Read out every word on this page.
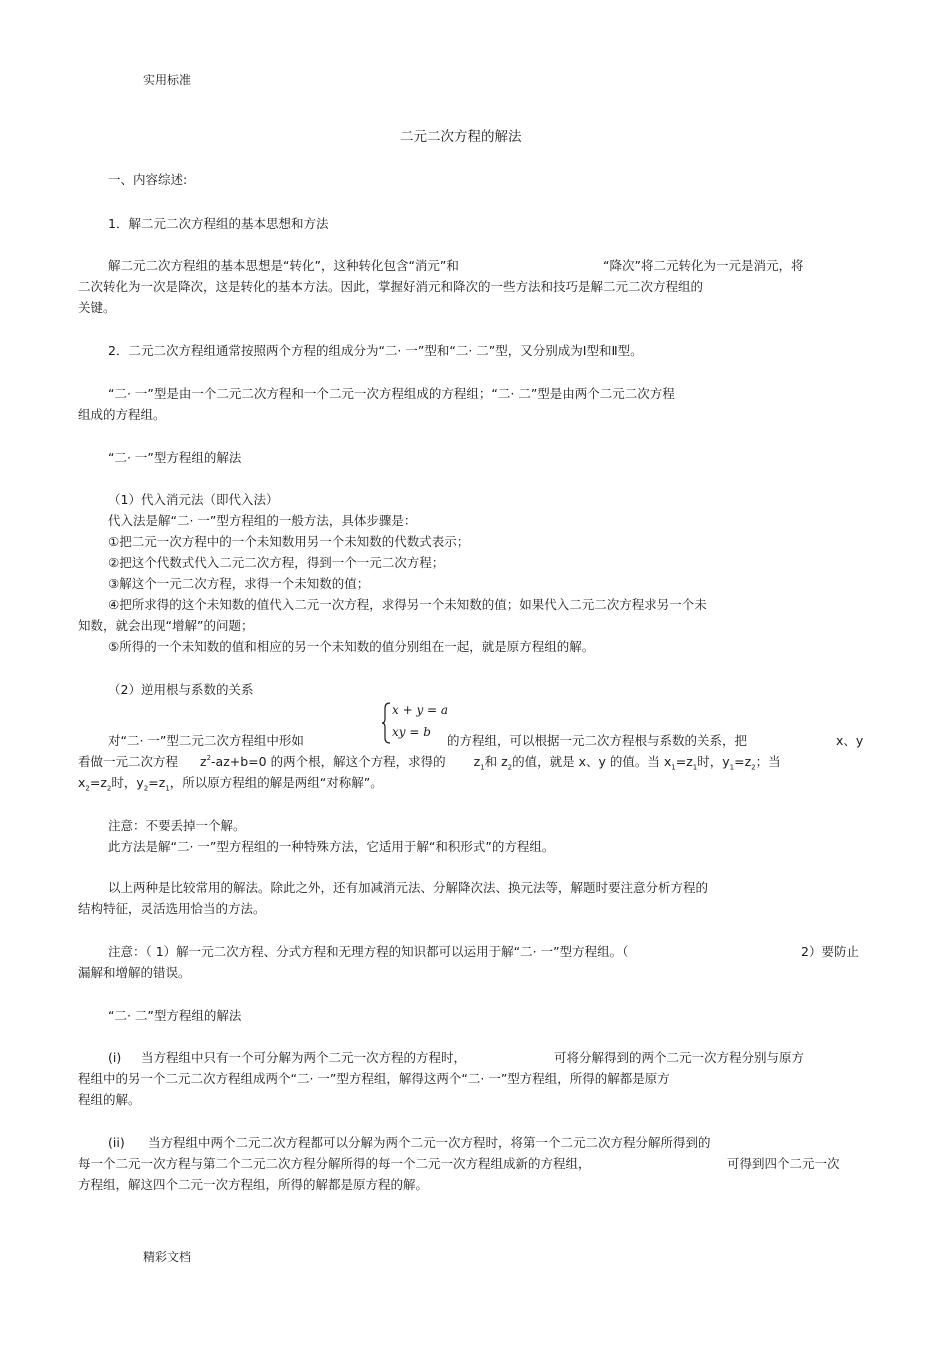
实用标准

二元二次方程的解法

一、内容综述:

1．解二元二次方程组的基本思想和方法

解二元二次方程组的基本思想是“转化”，这种转化包含“消元”和	“降次”将二元转化为一元是消元，将

二次转化为一次是降次，这是转化的基本方法。因此，掌握好消元和降次的一些方法和技巧是解二元二次方程组的

关键。

2．二元二次方程组通常按照两个方程的组成分为“二· 一”型和“二· 二”型，又分别成为Ⅰ型和Ⅱ型。

“二· 一”型是由一个二元二次方程和一个二元一次方程组成的方程组；“二· 二”型是由两个二元二次方程

组成的方程组。

“二· 一”型方程组的解法

（1）代入消元法（即代入法）

代入法是解“二· 一”型方程组的一般方法，具体步骤是：

①把二元一次方程中的一个未知数用另一个未知数的代数式表示；

②把这个代数式代入二元二次方程，得到一个一元二次方程；

③解这个一元二次方程，求得一个未知数的值；

④把所求得的这个未知数的值代入二元一次方程，求得另一个未知数的值；如果代入二元二次方程求另一个未

知数，就会出现“增解”的问题；

⑤所得的一个未知数的值和相应的另一个未知数的值分别组在一起，就是原方程组的解。

（2）逆用根与系数的关系

x + y = a
xy = b

对“二· 一”型二元二次方程组中形如	的方程组，可以根据一元二次方程根与系数的关系，把	x、y

看做一元二次方程 $z^2-az+b=0$ 的两个根，解这个方程，求得的 $z_1$和 $z_2$的值，就是 x、y 的值。当 $x_1=z_1$时，$y_1=z_2$；当

$x_2=z_2$时，$y_2=z_1$，所以原方程组的解是两组“对称解”。

注意：不要丢掉一个解。

此方法是解“二· 一”型方程组的一种特殊方法，它适用于解“和积形式”的方程组。

以上两种是比较常用的解法。除此之外，还有加减消元法、分解降次法、换元法等，解题时要注意分析方程的

结构特征，灵活选用恰当的方法。

注意：（ 1）解一元二次方程、分式方程和无理方程的知识都可以运用于解“二· 一”型方程组。（	2）要防止

漏解和增解的错误。

“二· 二”型方程组的解法

(i) 当方程组中只有一个可分解为两个二元一次方程的方程时，	可将分解得到的两个二元一次方程分别与原方

程组中的另一个二元二次方程组成两个“二· 一”型方程组，解得这两个“二· 一”型方程组，所得的解都是原方

程组的解。

(ii) 当方程组中两个二元二次方程都可以分解为两个二元一次方程时，将第一个二元二次方程分解所得到的

每一个二元一次方程与第二个二元二次方程分解所得的每一个二元一次方程组成新的方程组，	可得到四个二元一次

方程组，解这四个二元一次方程组，所得的解都是原方程的解。

精彩文档
